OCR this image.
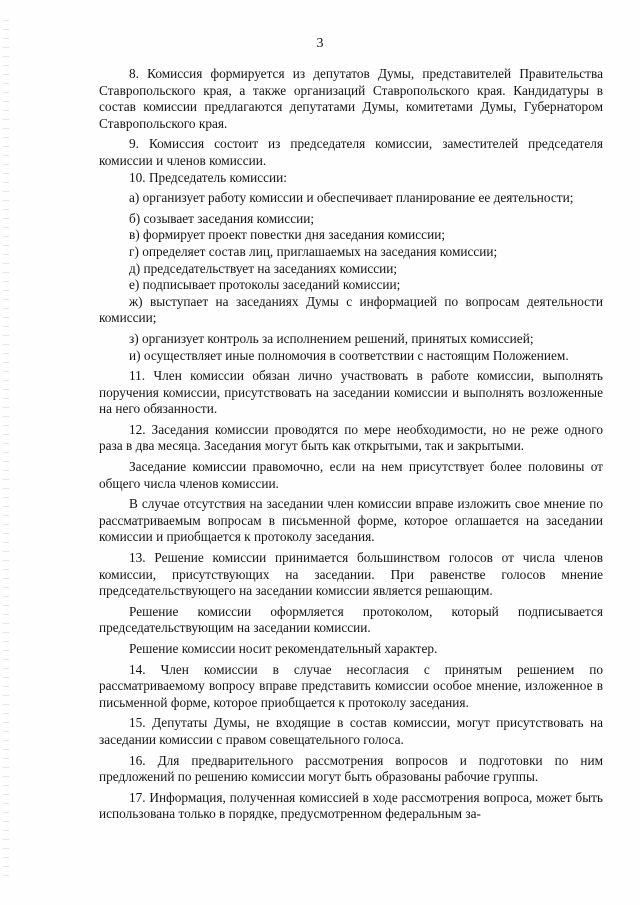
3

8. Комиссия формируется из депутатов Думы, представителей Правительства Ставропольского края, а также организаций Ставропольского края. Кандидатуры в состав комиссии предлагаются депутатами Думы, комитетами Думы, Губернатором Ставропольского края.

9. Комиссия состоит из председателя комиссии, заместителей председателя комиссии и членов комиссии.

10. Председатель комиссии:

а) организует работу комиссии и обеспечивает планирование ее деятельности;

б) созывает заседания комиссии;

в) формирует проект повестки дня заседания комиссии;

г) определяет состав лиц, приглашаемых на заседания комиссии;

д) председательствует на заседаниях комиссии;

е) подписывает протоколы заседаний комиссии;

ж) выступает на заседаниях Думы с информацией по вопросам деятельности комиссии;

з) организует контроль за исполнением решений, принятых комиссией;

и) осуществляет иные полномочия в соответствии с настоящим Положением.

11. Член комиссии обязан лично участвовать в работе комиссии, выполнять поручения комиссии, присутствовать на заседании комиссии и выполнять возложенные на него обязанности.

12. Заседания комиссии проводятся по мере необходимости, но не реже одного раза в два месяца. Заседания могут быть как открытыми, так и закрытыми.

Заседание комиссии правомочно, если на нем присутствует более половины от общего числа членов комиссии.

В случае отсутствия на заседании член комиссии вправе изложить свое мнение по рассматриваемым вопросам в письменной форме, которое оглашается на заседании комиссии и приобщается к протоколу заседания.

13. Решение комиссии принимается большинством голосов от числа членов комиссии, присутствующих на заседании. При равенстве голосов мнение председательствующего на заседании комиссии является решающим.

Решение комиссии оформляется протоколом, который подписывается председательствующим на заседании комиссии.

Решение комиссии носит рекомендательный характер.

14. Член комиссии в случае несогласия с принятым решением по рассматриваемому вопросу вправе представить комиссии особое мнение, изложенное в письменной форме, которое приобщается к протоколу заседания.

15. Депутаты Думы, не входящие в состав комиссии, могут присутствовать на заседании комиссии с правом совещательного голоса.

16. Для предварительного рассмотрения вопросов и подготовки по ним предложений по решению комиссии могут быть образованы рабочие группы.

17. Информация, полученная комиссией в ходе рассмотрения вопроса, может быть использована только в порядке, предусмотренном федеральным за-
